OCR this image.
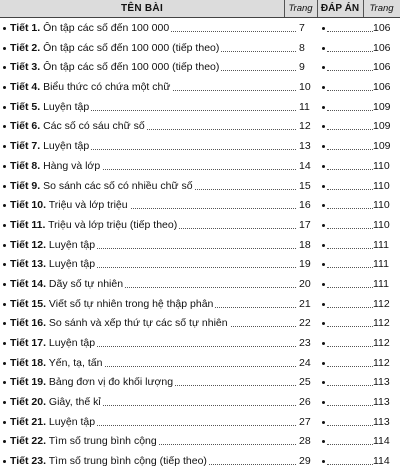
TÊN BÀI	Trang ĐÁP ÁN	Trang
Tiết 1. Ôn tập các số đến 100 000	7	106
Tiết 2. Ôn tập các số đến 100 000 (tiếp theo)	8	106
Tiết 3. Ôn tập các số đến 100 000 (tiếp theo)	9	106
Tiết 4. Biểu thức có chứa một chữ	10	106
Tiết 5. Luyện tập	11	109
Tiết 6. Các số có sáu chữ số	12	109
Tiết 7. Luyện tập	13	109
Tiết 8. Hàng và lớp	14	110
Tiết 9. So sánh các số có nhiều chữ số	15	110
Tiết 10. Triệu và lớp triệu	16	110
Tiết 11. Triệu và lớp triệu (tiếp theo)	17	110
Tiết 12. Luyện tập	18	111
Tiết 13. Luyện tập	19	111
Tiết 14. Dãy số tự nhiên	20	111
Tiết 15. Viết số tự nhiên trong hệ thập phân	21	112
Tiết 16. So sánh và xếp thứ tự các số tự nhiên	22	112
Tiết 17. Luyện tập	23	112
Tiết 18. Yến, tạ, tấn	24	112
Tiết 19. Bảng đơn vị đo khối lượng	25	113
Tiết 20. Giây, thế kỉ	26	113
Tiết 21. Luyện tập	27	113
Tiết 22. Tìm số trung bình cộng	28	114
Tiết 23. Tìm số trung bình cộng (tiếp theo)	29	114
